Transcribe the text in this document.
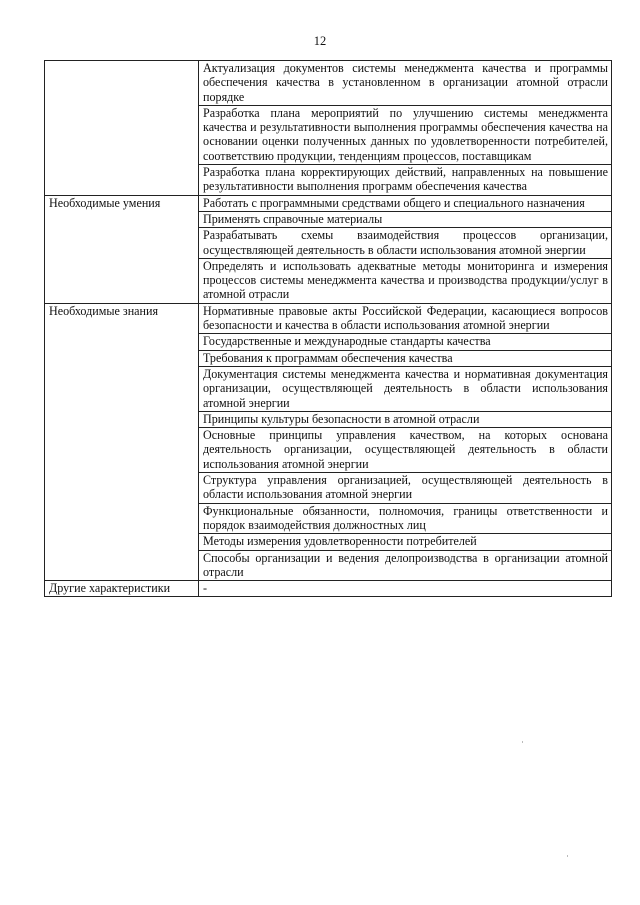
12
	Актуализация документов системы менеджмента качества и программы обеспечения качества в установленном в организации атомной отрасли порядке
	Разработка плана мероприятий по улучшению системы менеджмента качества и результативности выполнения программы обеспечения качества на основании оценки полученных данных по удовлетворенности потребителей, соответствию продукции, тенденциям процессов, поставщикам
	Разработка плана корректирующих действий, направленных на повышение результативности выполнения программ обеспечения качества
Необходимые умения	Работать с программными средствами общего и специального назначения
	Применять справочные материалы
	Разрабатывать схемы взаимодействия процессов организации, осуществляющей деятельность в области использования атомной энергии
	Определять и использовать адекватные методы мониторинга и измерения процессов системы менеджмента качества и производства продукции/услуг в атомной отрасли
Необходимые знания	Нормативные правовые акты Российской Федерации, касающиеся вопросов безопасности и качества в области использования атомной энергии
	Государственные и международные стандарты качества
	Требования к программам обеспечения качества
	Документация системы менеджмента качества и нормативная документация организации, осуществляющей деятельность в области использования атомной энергии
	Принципы культуры безопасности в атомной отрасли
	Основные принципы управления качеством, на которых основана деятельность организации, осуществляющей деятельность в области использования атомной энергии
	Структура управления организацией, осуществляющей деятельность в области использования атомной энергии
	Функциональные обязанности, полномочия, границы ответственности и порядок взаимодействия должностных лиц
	Методы измерения удовлетворенности потребителей
	Способы организации и ведения делопроизводства в организации атомной отрасли
Другие характеристики	-
